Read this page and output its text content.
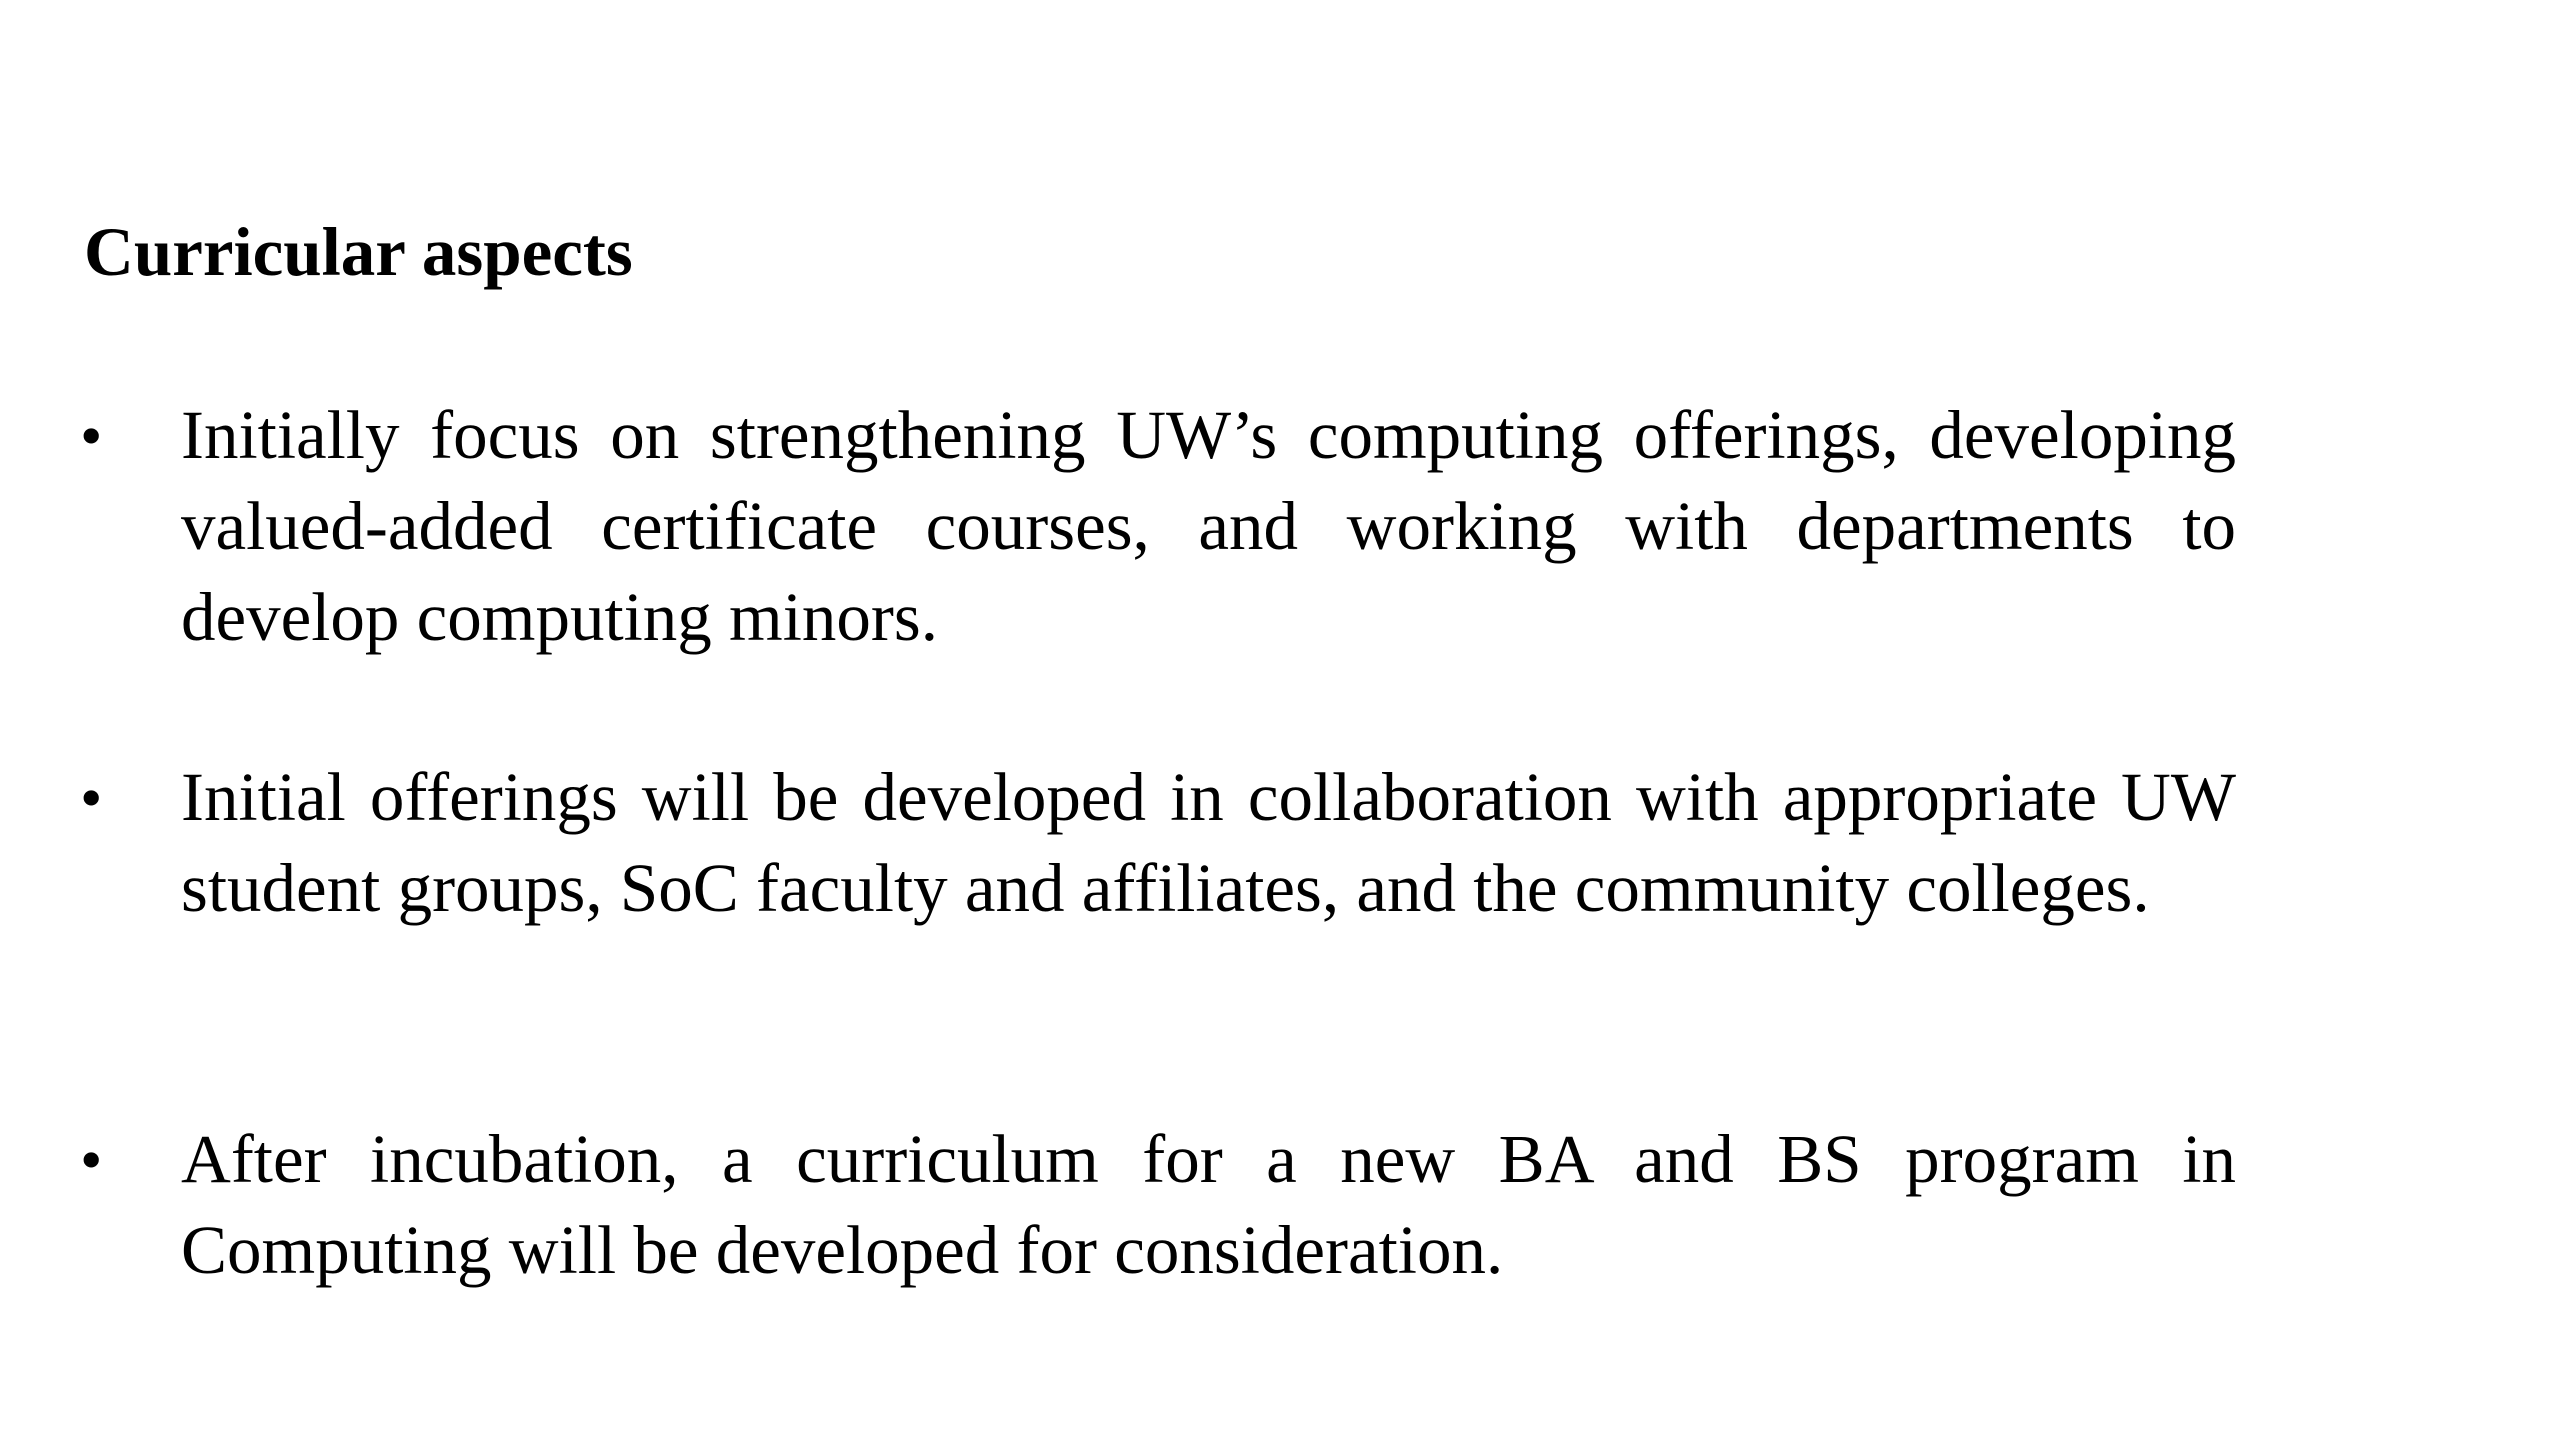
Curricular aspects
• Initially focus on strengthening UW’s computing offerings, developing valued-added certificate courses, and working with departments to develop computing minors.
• Initial offerings will be developed in collaboration with appropriate UW student groups, SoC faculty and affiliates, and the community colleges.
• After incubation, a curriculum for a new BA and BS program in Computing will be developed for consideration.
